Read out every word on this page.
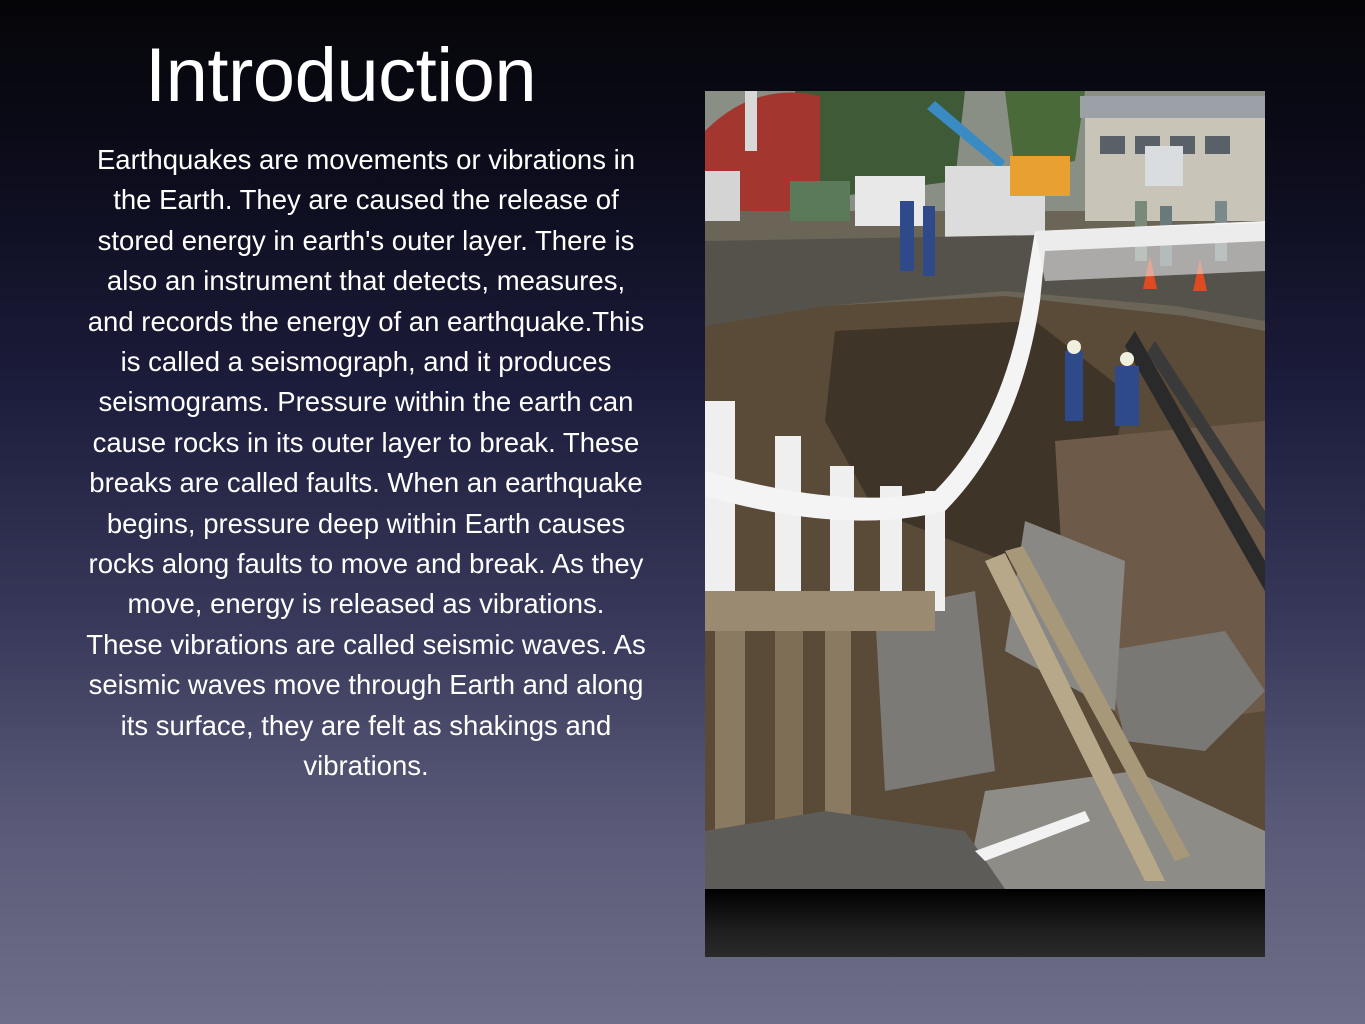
Introduction

Earthquakes are movements or vibrations in the Earth. They are caused the release of stored energy in earth's outer layer. There is also an instrument that detects, measures, and records the energy of an earthquake.This is called a seismograph, and it produces seismograms. Pressure within the earth can cause rocks in its outer layer to break. These breaks are called faults. When an earthquake begins, pressure deep within Earth causes rocks along faults to move and break. As they move, energy is released as vibrations. These vibrations are called seismic waves. As seismic waves move through Earth and along its surface, they are felt as shakings and vibrations.
